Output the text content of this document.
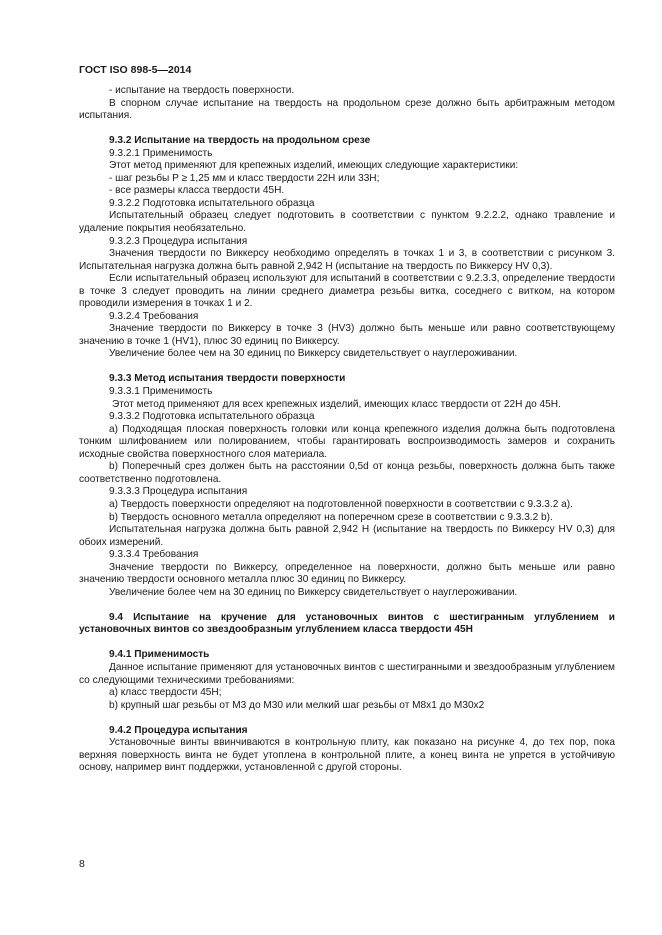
ГОСТ ISO 898-5—2014

- испытание на твердость поверхности.

В спорном случае испытание на твердость на продольном срезе должно быть арбитражным методом испытания.

9.3.2 Испытание на твердость на продольном срезе

9.3.2.1 Применимость

Этот метод применяют для крепежных изделий, имеющих следующие характеристики:

- шаг резьбы P ≥ 1,25 мм и класс твердости 22H или 33H;

- все размеры класса твердости 45H.

9.3.2.2 Подготовка испытательного образца

Испытательный образец следует подготовить в соответствии с пунктом 9.2.2.2, однако травление и удаление покрытия необязательно.

9.3.2.3 Процедура испытания

Значения твердости по Виккерсу необходимо определять в точках 1 и 3, в соответствии с рисунком 3. Испытательная нагрузка должна быть равной 2,942 Н (испытание на твердость по Виккерсу HV 0,3).

Если испытательный образец используют для испытаний в соответствии с 9.2.3.3, определение твердости в точке 3 следует проводить на линии среднего диаметра резьбы витка, соседнего с витком, на котором проводили измерения в точках 1 и 2.

9.3.2.4 Требования

Значение твердости по Виккерсу в точке 3 (HV3) должно быть меньше или равно соответствующему значению в точке 1 (HV1), плюс 30 единиц по Виккерсу.

Увеличение более чем на 30 единиц по Виккерсу свидетельствует о науглероживании.

9.3.3 Метод испытания твердости поверхности

9.3.3.1 Применимость

Этот метод применяют для всех крепежных изделий, имеющих класс твердости от 22H до 45H.

9.3.3.2 Подготовка испытательного образца

a) Подходящая плоская поверхность головки или конца крепежного изделия должна быть подготовлена тонким шлифованием или полированием, чтобы гарантировать воспроизводимость замеров и сохранить исходные свойства поверхностного слоя материала.

b) Поперечный срез должен быть на расстоянии 0,5d от конца резьбы, поверхность должна быть также соответственно подготовлена.

9.3.3.3 Процедура испытания

a) Твердость поверхности определяют на подготовленной поверхности в соответствии с 9.3.3.2 а).

b) Твердость основного металла определяют на поперечном срезе в соответствии с 9.3.3.2 b).

Испытательная нагрузка должна быть равной 2,942 Н (испытание на твердость по Виккерсу HV 0,3) для обоих измерений.

9.3.3.4 Требования

Значение твердости по Виккерсу, определенное на поверхности, должно быть меньше или равно значению твердости основного металла плюс 30 единиц по Виккерсу.

Увеличение более чем на 30 единиц по Виккерсу свидетельствует о науглероживании.

9.4 Испытание на кручение для установочных винтов с шестигранным углублением и установочных винтов со звездообразным углублением класса твердости 45H

9.4.1 Применимость

Данное испытание применяют для установочных винтов с шестигранными и звездообразным углублением со следующими техническими требованиями:

a) класс твердости 45H;

b) крупный шаг резьбы от М3 до М30 или мелкий шаг резьбы от М8х1 до М30х2

9.4.2 Процедура испытания

Установочные винты ввинчиваются в контрольную плиту, как показано на рисунке 4, до тех пор, пока верхняя поверхность винта не будет утоплена в контрольной плите, а конец винта не упрется в устойчивую основу, например винт поддержки, установленной с другой стороны.

8
